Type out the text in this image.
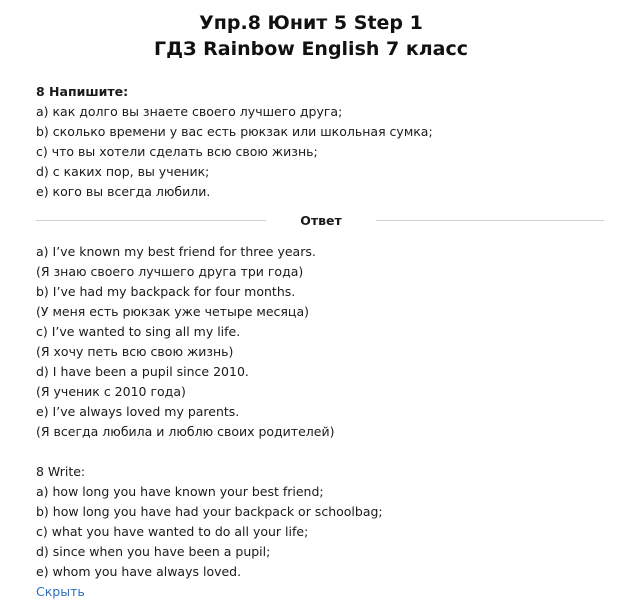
Упр.8 Юнит 5 Step 1
ГДЗ Rainbow English 7 класс
8 Напишите:
a) как долго вы знаете своего лучшего друга;
b) сколько времени у вас есть рюкзак или школьная сумка;
c) что вы хотели сделать всю свою жизнь;
d) с каких пор, вы ученик;
e) кого вы всегда любили.
Ответ
a) I’ve known my best friend for three years.
(Я знаю своего лучшего друга три года)
b) I’ve had my backpack for four months.
(У меня есть рюкзак уже четыре месяца)
c) I’ve wanted to sing all my life.
(Я хочу петь всю свою жизнь)
d) I have been a pupil since 2010.
(Я ученик с 2010 года)
e) I’ve always loved my parents.
(Я всегда любила и люблю своих родителей)
8 Write:
a) how long you have known your best friend;
b) how long you have had your backpack or schoolbag;
c) what you have wanted to do all your life;
d) since when you have been a pupil;
e) whom you have always loved.
Скрыть
